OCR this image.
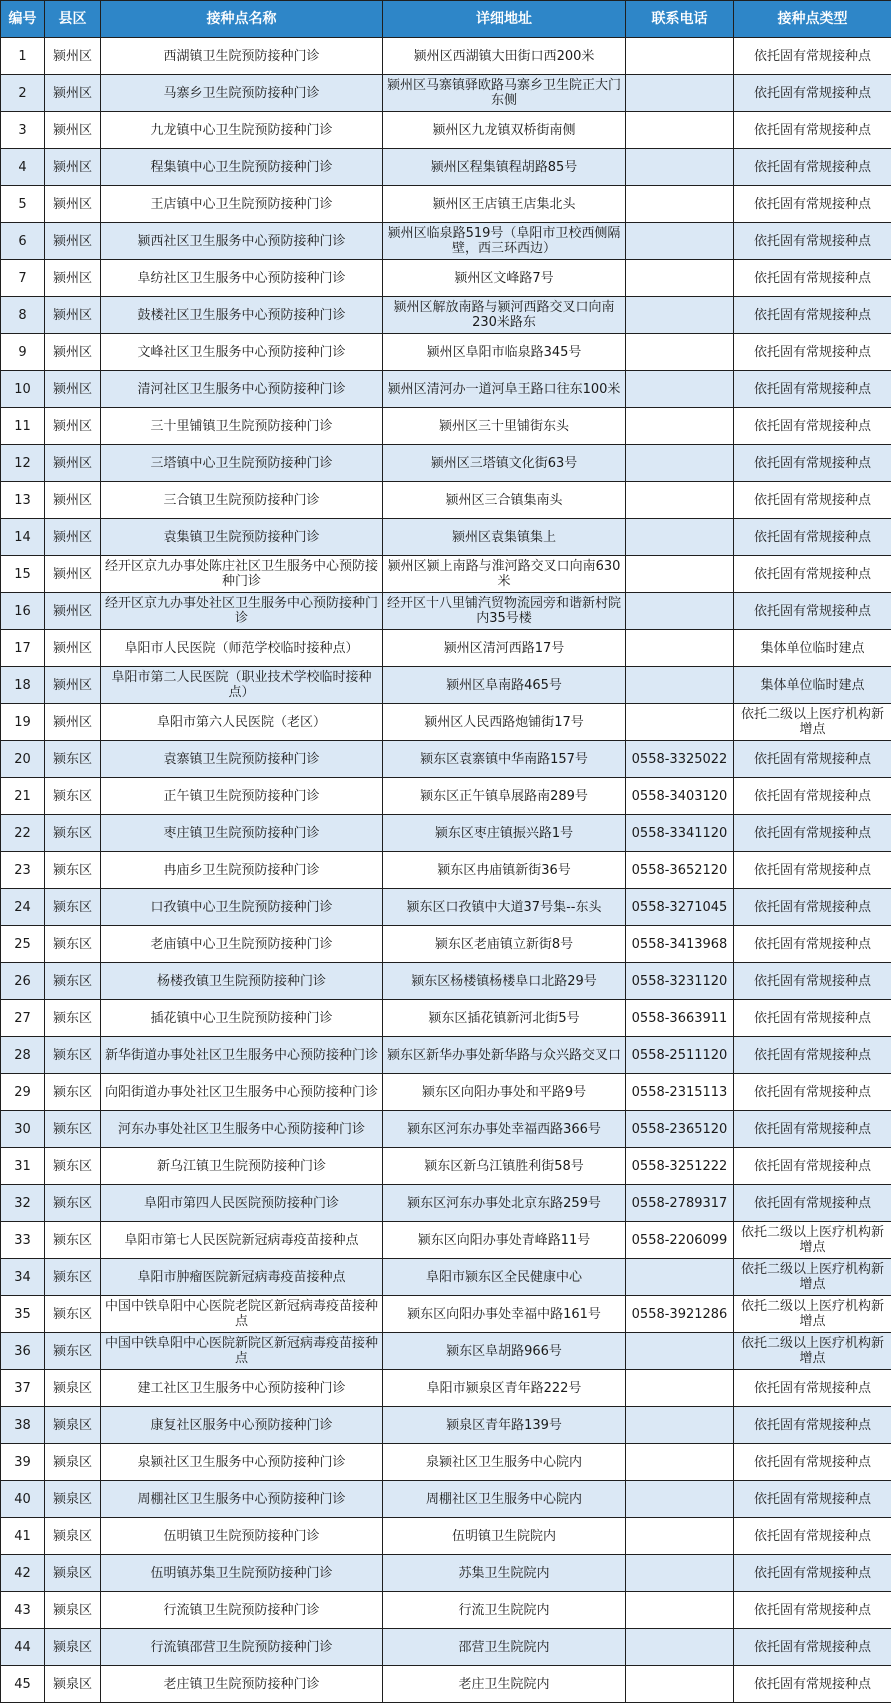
编号	县区	接种点名称	详细地址	联系电话	接种点类型
1	颍州区	西湖镇卫生院预防接种门诊	颍州区西湖镇大田街口西200米		依托固有常规接种点
2	颍州区	马寨乡卫生院预防接种门诊	颍州区马寨镇驿欧路马寨乡卫生院正大门东侧		依托固有常规接种点
3	颍州区	九龙镇中心卫生院预防接种门诊	颍州区九龙镇双桥街南侧		依托固有常规接种点
4	颍州区	程集镇中心卫生院预防接种门诊	颍州区程集镇程胡路85号		依托固有常规接种点
5	颍州区	王店镇中心卫生院预防接种门诊	颍州区王店镇王店集北头		依托固有常规接种点
6	颍州区	颍西社区卫生服务中心预防接种门诊	颍州区临泉路519号（阜阳市卫校西侧隔壁，西三环西边）		依托固有常规接种点
7	颍州区	阜纺社区卫生服务中心预防接种门诊	颍州区文峰路7号		依托固有常规接种点
8	颍州区	鼓楼社区卫生服务中心预防接种门诊	颍州区解放南路与颍河西路交叉口向南230米路东		依托固有常规接种点
9	颍州区	文峰社区卫生服务中心预防接种门诊	颍州区阜阳市临泉路345号		依托固有常规接种点
10	颍州区	清河社区卫生服务中心预防接种门诊	颍州区清河办一道河阜王路口往东100米		依托固有常规接种点
11	颍州区	三十里铺镇卫生院预防接种门诊	颍州区三十里铺街东头		依托固有常规接种点
12	颍州区	三塔镇中心卫生院预防接种门诊	颍州区三塔镇文化街63号		依托固有常规接种点
13	颍州区	三合镇卫生院预防接种门诊	颍州区三合镇集南头		依托固有常规接种点
14	颍州区	袁集镇卫生院预防接种门诊	颍州区袁集镇集上		依托固有常规接种点
15	颍州区	经开区京九办事处陈庄社区卫生服务中心预防接种门诊	颍州区颍上南路与淮河路交叉口向南630米		依托固有常规接种点
16	颍州区	经开区京九办事处社区卫生服务中心预防接种门诊	经开区十八里铺汽贸物流园旁和谐新村院内35号楼		依托固有常规接种点
17	颍州区	阜阳市人民医院（师范学校临时接种点）	颍州区清河西路17号		集体单位临时建点
18	颍州区	阜阳市第二人民医院（职业技术学校临时接种点）	颍州区阜南路465号		集体单位临时建点
19	颍州区	阜阳市第六人民医院（老区）	颍州区人民西路炮铺街17号		依托二级以上医疗机构新增点
20	颍东区	袁寨镇卫生院预防接种门诊	颍东区袁寨镇中华南路157号	0558-3325022	依托固有常规接种点
21	颍东区	正午镇卫生院预防接种门诊	颍东区正午镇阜展路南289号	0558-3403120	依托固有常规接种点
22	颍东区	枣庄镇卫生院预防接种门诊	颍东区枣庄镇振兴路1号	0558-3341120	依托固有常规接种点
23	颍东区	冉庙乡卫生院预防接种门诊	颍东区冉庙镇新街36号	0558-3652120	依托固有常规接种点
24	颍东区	口孜镇中心卫生院预防接种门诊	颍东区口孜镇中大道37号集--东头	0558-3271045	依托固有常规接种点
25	颍东区	老庙镇中心卫生院预防接种门诊	颍东区老庙镇立新街8号	0558-3413968	依托固有常规接种点
26	颍东区	杨楼孜镇卫生院预防接种门诊	颍东区杨楼镇杨楼阜口北路29号	0558-3231120	依托固有常规接种点
27	颍东区	插花镇中心卫生院预防接种门诊	颍东区插花镇新河北街5号	0558-3663911	依托固有常规接种点
28	颍东区	新华街道办事处社区卫生服务中心预防接种门诊	颍东区新华办事处新华路与众兴路交叉口	0558-2511120	依托固有常规接种点
29	颍东区	向阳街道办事处社区卫生服务中心预防接种门诊	颍东区向阳办事处和平路9号	0558-2315113	依托固有常规接种点
30	颍东区	河东办事处社区卫生服务中心预防接种门诊	颍东区河东办事处幸福西路366号	0558-2365120	依托固有常规接种点
31	颍东区	新乌江镇卫生院预防接种门诊	颍东区新乌江镇胜利街58号	0558-3251222	依托固有常规接种点
32	颍东区	阜阳市第四人民医院预防接种门诊	颍东区河东办事处北京东路259号	0558-2789317	依托固有常规接种点
33	颍东区	阜阳市第七人民医院新冠病毒疫苗接种点	颍东区向阳办事处青峰路11号	0558-2206099	依托二级以上医疗机构新增点
34	颍东区	阜阳市肿瘤医院新冠病毒疫苗接种点	阜阳市颍东区全民健康中心		依托二级以上医疗机构新增点
35	颍东区	中国中铁阜阳中心医院老院区新冠病毒疫苗接种点	颍东区向阳办事处幸福中路161号	0558-3921286	依托二级以上医疗机构新增点
36	颍东区	中国中铁阜阳中心医院新院区新冠病毒疫苗接种点	颍东区阜胡路966号		依托二级以上医疗机构新增点
37	颍泉区	建工社区卫生服务中心预防接种门诊	阜阳市颍泉区青年路222号		依托固有常规接种点
38	颍泉区	康复社区服务中心预防接种门诊	颍泉区青年路139号		依托固有常规接种点
39	颍泉区	泉颍社区卫生服务中心预防接种门诊	泉颍社区卫生服务中心院内		依托固有常规接种点
40	颍泉区	周棚社区卫生服务中心预防接种门诊	周棚社区卫生服务中心院内		依托固有常规接种点
41	颍泉区	伍明镇卫生院预防接种门诊	伍明镇卫生院院内		依托固有常规接种点
42	颍泉区	伍明镇苏集卫生院预防接种门诊	苏集卫生院院内		依托固有常规接种点
43	颍泉区	行流镇卫生院预防接种门诊	行流卫生院院内		依托固有常规接种点
44	颍泉区	行流镇邵营卫生院预防接种门诊	邵营卫生院院内		依托固有常规接种点
45	颍泉区	老庄镇卫生院预防接种门诊	老庄卫生院院内		依托固有常规接种点
